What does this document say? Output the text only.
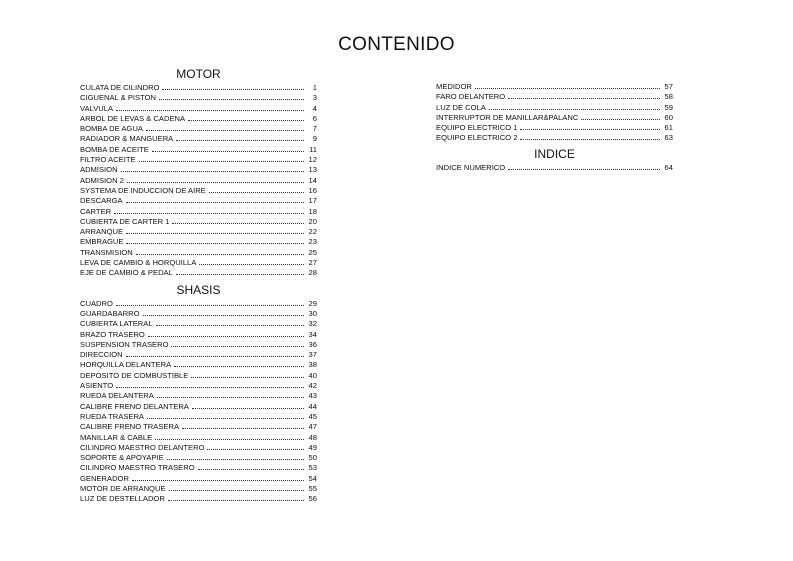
CONTENIDO
MOTOR
CULATA DE CILINDRO	1
CIGUENAL & PISTON	3
VALVULA	4
ARBOL DE LEVAS & CADENA	6
BOMBA DE AGUA	7
RADIADOR & MANGUERA	9
BOMBA DE ACEITE	11
FILTRO ACEITE	12
ADMISION	13
ADMISION 2	14
SYSTEMA DE INDUCCION DE AIRE	16
DESCARGA	17
CARTER	18
CUBIERTA DE CARTER 1	20
ARRANQUE	22
EMBRAGUE	23
TRANSMISION	25
LEVA DE CAMBIO & HORQUILLA	27
EJE DE CAMBIO & PEDAL	28
SHASIS
CUADRO	29
GUARDABARRO	30
CUBIERTA LATERAL	32
BRAZO TRASERO	34
SUSPENSION TRASERO	36
DIRECCION	37
HORQUILLA DELANTERA	38
DEPOSITO DE COMBUSTIBLE	40
ASIENTO	42
RUEDA DELANTERA	43
CALIBRE FRENO DELANTERA	44
RUEDA TRASERA	45
CALIBRE FRENO TRASERA	47
MANILLAR & CABLE	48
CILINDRO MAESTRO DELANTERO	49
SOPORTE & APOYAPIE	50
CILINDRO MAESTRO TRASERO	53
GENERADOR	54
MOTOR DE ARRANQUE	55
LUZ DE DESTELLADOR	56
MEDIDOR	57
FARO DELANTERO	58
LUZ DE COLA	59
INTERRUPTOR DE MANILLAR&PALANC	60
EQUIPO ELECTRICO 1	61
EQUIPO ELECTRICO 2	63
INDICE
INDICE NUMERICO	64
